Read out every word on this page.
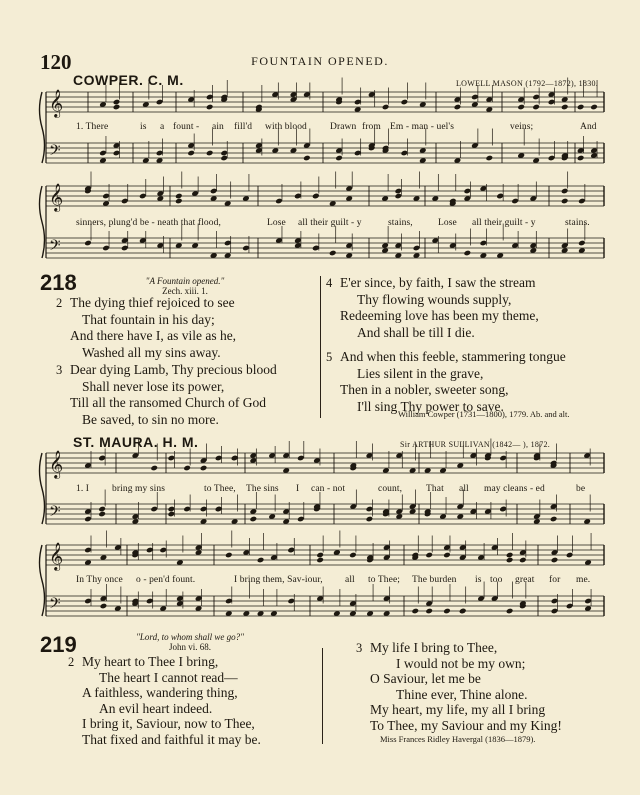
120	FOUNTAIN OPENED.
𝄞
𝄢
𝄞
𝄢
𝄞
𝄢
𝄞
𝄢
COWPER. C. M.	LOWELL MASON (1792—1872), 1830.
1. There	is a fount - ain fill'd with blood Drawn from Em - man - uel's	veins;	And
sinners, plung'd be - neath that flood,	Lose all their guilt - y	stains,	Lose all their guilt - y	stains.
218	"A Fountain opened."
Zech. xiii. 1.
2 The dying thief rejoiced to see
That fountain in his day;
And there have I, as vile as he,
Washed all my sins away.
3 Dear dying Lamb, Thy precious blood
Shall never lose its power,
Till all the ransomed Church of God
Be saved, to sin no more.
4 E'er since, by faith, I saw the stream
Thy flowing wounds supply,
Redeeming love has been my theme,
And shall be till I die.
5 And when this feeble, stammering tongue
Lies silent in the grave,
Then in a nobler, sweeter song,
I'll sing Thy power to save.
William Cowper (1731—1800), 1779. Ab. and alt.
ST. MAURA. H. M.	Sir ARTHUR SULLIVAN (1842— ), 1872.
1. I bring my sins	to Thee, The sins I can - not	count,	That all may cleans - ed	be
In Thy once o - pen'd fount.	I bring them, Sav-iour, all to Thee; The burden is too great for me.
219	"Lord, to whom shall we go?"
John vi. 68.
2 My heart to Thee I bring,
The heart I cannot read—
A faithless, wandering thing,
An evil heart indeed.
I bring it, Saviour, now to Thee,
That fixed and faithful it may be.
3 My life I bring to Thee,
I would not be my own;
O Saviour, let me be
Thine ever, Thine alone.
My heart, my life, my all I bring
To Thee, my Saviour and my King!
Miss Frances Ridley Havergal (1836—1879).
